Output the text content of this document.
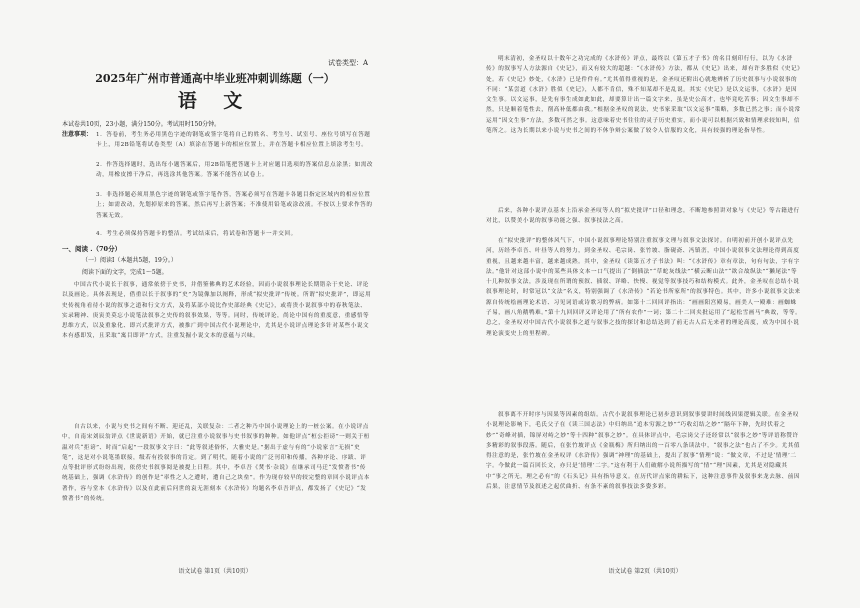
试卷类型：A
2025年广州市普通高中毕业班冲刺训练题（一）
语 文
本试卷共10页，23小题，满分150分。考试用时150分钟。
注意事项： 1．答卷前，考生务必用黑色字迹的钢笔或签字笔将自己的姓名、考生号、试室号、座位号填写在答题卡上，用2B铅笔将试卷类型（A）填涂在答题卡的相应位置上，并在答题卡相应位置上填涂考生号。
2．作答选择题时，选出每小题答案后，用2B铅笔把答题卡上对应题目选项的答案信息点涂黑；如需改动，用橡皮擦干净后，再选涂其他答案。答案不能答在试卷上。
3．非选择题必须用黑色字迹的钢笔或签字笔作答，答案必须写在答题卡各题目指定区域内的相应位置上；如需改动，先划掉原来的答案，然后再写上新答案；不准使用铅笔或涂改液。不按以上要求作答的答案无效。
4．考生必须保持答题卡的整洁。考试结束后，将试卷和答题卡一并交回。
一、阅读 .（70分）
（一）阅读Ⅰ（本题共5题，19分。）
阅读下面的文字，完成1～5题。
中国古代小说长于叙事，通常依傍于史书，并借鉴佛典的艺术经验，因而小说叙事理论长期错杂于史论、评论以及画论。具体表现是，借重以长于叙事的“史”为镜像加以阐释，形成“拟史批评”传统。所谓“拟史批评”，即运用史传视角看待小说的叙事之道和行文方式，及将某部小说比作史部经典《史记》，或将贵小说叙事中的春秋笔法、实录精神、庚寅美莫忘小说笔法叙事之史传的叙事效果，等等。同时，传统评论，尚论中国有的重度意，重感悟等思维方式，以及重象化、即兴式批评方式，被推广到中国古代小说理论中，尤其是小说评点理论多针对某些小说文本有感即发，且采取“寓目即评”方式，注重发掘小说文本的意蕴与兴味。
自古以来，小说与史书之间有不断、迎还乱，关联复杂：二者之种乃中国小说理论上的一桩公案。在小说评点中，自南宋刘辰翁评点《世说新语》开始，就已注重小说叙事与史书叙事的种种。如他评点“桓公拒谤”一则关于桓温对兵“拒谤”、时而“启起”一段叙事文字曰：“此等叙述俗怀，大雅史是。”据出于虚与有的“小说家言”无损“史笔”，这是对小说笔墨联接，级若有投叙事的肯定。到了明代，随着小说的广泛刊印和传播，各种序论、序跋、评点等批评形式纷纷出现，依傍史书叙事阅是被提上日程。其中，李卓吾《焚书·杂说》在继承司马迁“发愤著书”传统基础上，强调《水浒传》的创作是“率性之人之遭时，遭自己之块垒”。作为现存较早的较完整的章回小说评点本著作，容与堂本《水浒传》以及在此前后问世的袁无涯刻本《水浒传》均题名李卓吾评点，都发扬了《史记》“发愤著书”的传统。
语文试卷 第1页（共10页）
明末清初，金圣叹以十数年之功完成的《水浒传》评点，最终以《第五才子书》的名目刻印行行，以为《水浒传》的叙事写人方法源自《史记》，而又有较大的超越：“《水浒传》方法，都从《史记》出来，却有许多胜似《史记》处。若《史记》妙处，《水浒》已是件件有。”尤其值得重视的是，金圣叹还附出心就地辨析了历史叙事与小说叙事的不同：“某尝道《水浒》胜似《史记》，人都不肯信，殊不知某却不是乱说。其实《史记》是以文运事，《水浒》是因文生事。以文运事，是先有事生成如此如此，却要算计出一篇文字来，虽是史公高才，也毕竟吃苦事；因文生事却不然，只是顺着笔性去，削高补低都由我。”根据金圣叹的说法，史书家采取“以文运事”策略，多数已然之事；而小说常运用“因文生事”方法，多数可然之事。这意味着史书往往的灵子历史重实，而小说可以根据兴致和情理求较知叫，信笔所之。这为长期以来小说与史书之间的不休争辩公案做了较令人信服的文化，具有较强的理论指导性。
后来，各种小说评点基本上沿承金圣叹等人的“拟史批评”口径和理念，不断地参照讲对象与《史记》等古籍进行对比，以赞美小说的叙事功能之强、叙事技法之高。
在“拟史批评”的整体风气下，中国小说叙事理论特别注重叙事文理与叙事文法探讨。自明初前开创小说评点先河，历经李卓吾、叶昼等人的努力，到金圣叹、毛宗岗、张竹坡、脂砚斋、冯镇峦，中国小说叙事文法理论得到高度重视，且越来越丰富，越来越成熟。其中，金圣叹《读第五才子书法》叫：“《水浒传》章有章法，句有句法，字有字法。”他针对这部小说中的某些具体文本一口气提出了“倒插法”“草蛇灰线法”“横云断山法”“欲合故纵法”“獭尾法”等十几种叙事文法，涉及现在所谓的预叙、插叙、详略、快慢、视觉等叙事技巧和结构模式。此外，金圣叹在总结小说叙事理论时，时常冠以“文法”名义，特别强调了《水浒传》“若论书所家所”的叙事特色。其中，许多小说叙事文法来源自传统绘画理论术语、习见词语或诗歌习的弊病。如第十二回回评指出：“画画阳宫殿易，画美人一殿难：画蜘蛛子易，画八角鹅鸭难。”第十九回回评又评论用了“所有农作”一词；第二十二回夹批运用了“起松雪画马”典故，等等。总之，金圣叹对中国古代小说叙事之道与叙事之技的探讨和总结达到了前无古人后无来者的理论高度，成为中国小说理论演变史上的里程碑。
叙事离不开时序与因果等因素的组结。古代小说叙事理论已初步意识到叙事要讲时间线因果逻辑关联。在金圣叹小说理论影响下，毛氏父子在《读三国志法》中归纳出“追本穷源之妙”“巧收幻结之妙”“隔年下种，先时伏着之妙”“奇峰对插，锦屏对峙之妙”等十四种“叙事之妙”。在具体评点中，毛宗岗父子还经常以“叙事之妙”等评语称赞许多精彩的叙事段落。随后，在张竹坡评点《金瓶梅》所归纳出的一百零八条读法中，“叙事之法”也占了不少。尤其值得注意的是，张竹坡在金圣叹评《水浒传》强调“神理”的基础上，提出了叙事“情理”说：“做文章，不过是‘情理’二字。今做此一篇百回长文，亦只是‘情理’二字。”这有利于人们破解小说所描写的“情”“理”因素，尤其是对隐藏其中“事之所无，理之必有”的《石头记》具有指导意义。在历代评点家的耕耘下，这种注意事件及叙事来龙去脉、前因后果，注意情节及叙述之起伏曲折、有条不紊的叙事技法多姿多彩。
语文试卷 第2页（共10页）
